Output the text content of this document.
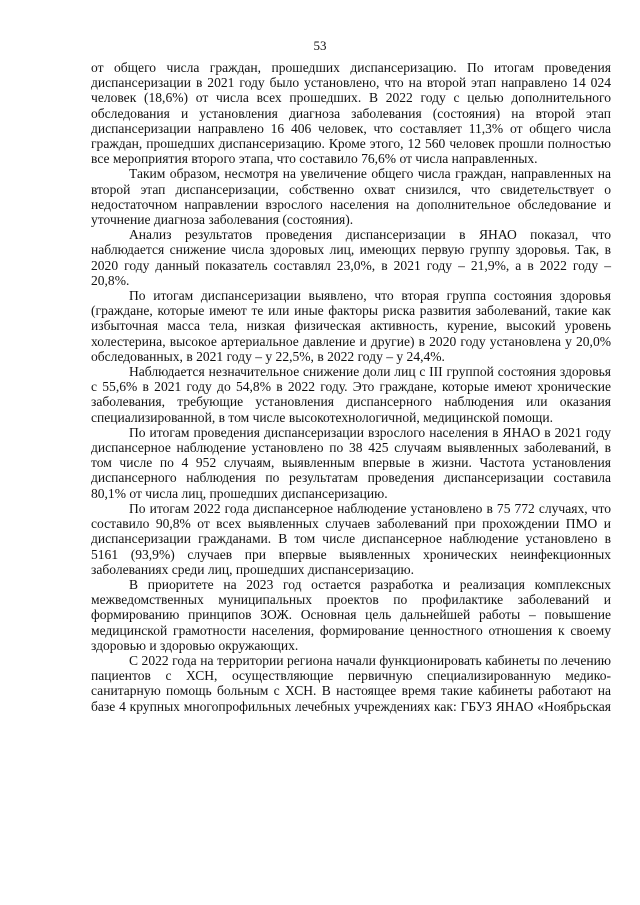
53

от общего числа граждан, прошедших диспансеризацию. По итогам проведения диспансеризации в 2021 году было установлено, что на второй этап направлено 14 024 человек (18,6%) от числа всех прошедших. В 2022 году с целью дополнительного обследования и установления диагноза заболевания (состояния) на второй этап диспансеризации направлено 16 406 человек, что составляет 11,3% от общего числа граждан, прошедших диспансеризацию. Кроме этого, 12 560 человек прошли полностью все мероприятия второго этапа, что составило 76,6% от числа направленных.

Таким образом, несмотря на увеличение общего числа граждан, направленных на второй этап диспансеризации, собственно охват снизился, что свидетельствует о недостаточном направлении взрослого населения на дополнительное обследование и уточнение диагноза заболевания (состояния).

Анализ результатов проведения диспансеризации в ЯНАО показал, что наблюдается снижение числа здоровых лиц, имеющих первую группу здоровья. Так, в 2020 году данный показатель составлял 23,0%, в 2021 году – 21,9%, а в 2022 году – 20,8%.

По итогам диспансеризации выявлено, что вторая группа состояния здоровья (граждане, которые имеют те или иные факторы риска развития заболеваний, такие как избыточная масса тела, низкая физическая активность, курение, высокий уровень холестерина, высокое артериальное давление и другие) в 2020 году установлена у 20,0% обследованных, в 2021 году – у 22,5%, в 2022 году – у 24,4%.

Наблюдается незначительное снижение доли лиц с III группой состояния здоровья с 55,6% в 2021 году до 54,8% в 2022 году. Это граждане, которые имеют хронические заболевания, требующие установления диспансерного наблюдения или оказания специализированной, в том числе высокотехнологичной, медицинской помощи.

По итогам проведения диспансеризации взрослого населения в ЯНАО в 2021 году диспансерное наблюдение установлено по 38 425 случаям выявленных заболеваний, в том числе по 4 952 случаям, выявленным впервые в жизни. Частота установления диспансерного наблюдения по результатам проведения диспансеризации составила 80,1% от числа лиц, прошедших диспансеризацию.

По итогам 2022 года диспансерное наблюдение установлено в 75 772 случаях, что составило 90,8% от всех выявленных случаев заболеваний при прохождении ПМО и диспансеризации гражданами. В том числе диспансерное наблюдение установлено в 5161 (93,9%) случаев при впервые выявленных хронических неинфекционных заболеваниях среди лиц, прошедших диспансеризацию.

В приоритете на 2023 год остается разработка и реализация комплексных межведомственных муниципальных проектов по профилактике заболеваний и формированию принципов ЗОЖ. Основная цель дальнейшей работы – повышение медицинской грамотности населения, формирование ценностного отношения к своему здоровью и здоровью окружающих.

С 2022 года на территории региона начали функционировать кабинеты по лечению пациентов с ХСН, осуществляющие первичную специализированную медико-санитарную помощь больным с ХСН. В настоящее время такие кабинеты работают на базе 4 крупных многопрофильных лечебных учреждениях как: ГБУЗ ЯНАО «Ноябрьская
